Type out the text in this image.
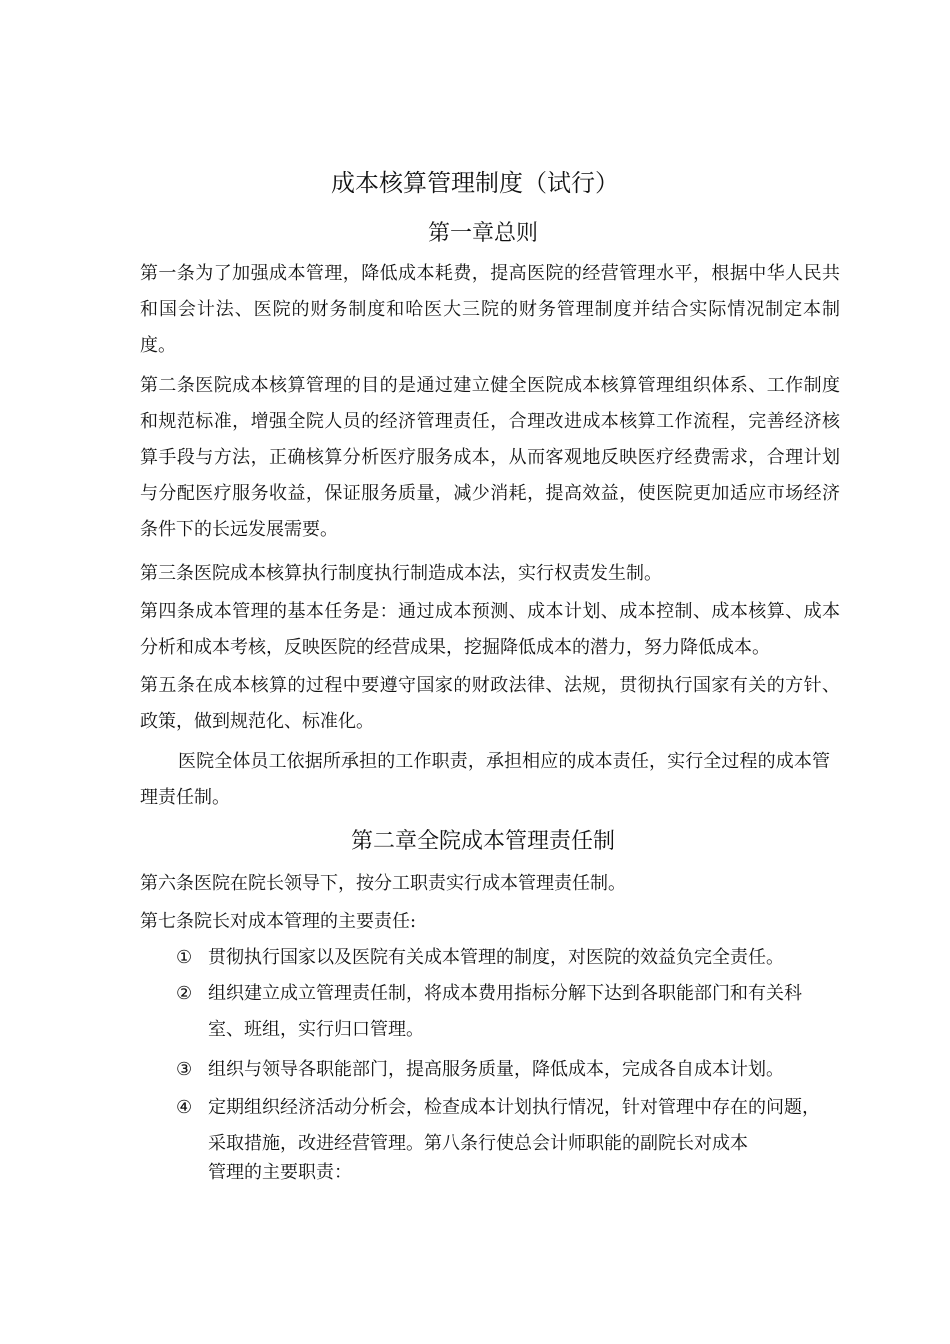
成本核算管理制度（试行）
第一章总则
第一条为了加强成本管理，降低成本耗费，提高医院的经营管理水平，根据中华人民共和国会计法、医院的财务制度和哈医大三院的财务管理制度并结合实际情况制定本制度。
第二条医院成本核算管理的目的是通过建立健全医院成本核算管理组织体系、工作制度和规范标准，增强全院人员的经济管理责任，合理改进成本核算工作流程，完善经济核算手段与方法，正确核算分析医疗服务成本，从而客观地反映医疗经费需求，合理计划与分配医疗服务收益，保证服务质量，减少消耗，提高效益，使医院更加适应市场经济条件下的长远发展需要。
第三条医院成本核算执行制度执行制造成本法，实行权责发生制。
第四条成本管理的基本任务是：通过成本预测、成本计划、成本控制、成本核算、成本分析和成本考核，反映医院的经营成果，挖掘降低成本的潜力，努力降低成本。
第五条在成本核算的过程中要遵守国家的财政法律、法规，贯彻执行国家有关的方针、政策，做到规范化、标准化。
医院全体员工依据所承担的工作职责，承担相应的成本责任，实行全过程的成本管理责任制。
第二章全院成本管理责任制
第六条医院在院长领导下，按分工职责实行成本管理责任制。
第七条院长对成本管理的主要责任:
① 贯彻执行国家以及医院有关成本管理的制度，对医院的效益负完全责任。
② 组织建立成立管理责任制，将成本费用指标分解下达到各职能部门和有关科室、班组，实行归口管理。
③ 组织与领导各职能部门，提高服务质量，降低成本，完成各自成本计划。
④ 定期组织经济活动分析会，检查成本计划执行情况，针对管理中存在的问题，采取措施，改进经营管理。第八条行使总会计师职能的副院长对成本
管理的主要职责：
